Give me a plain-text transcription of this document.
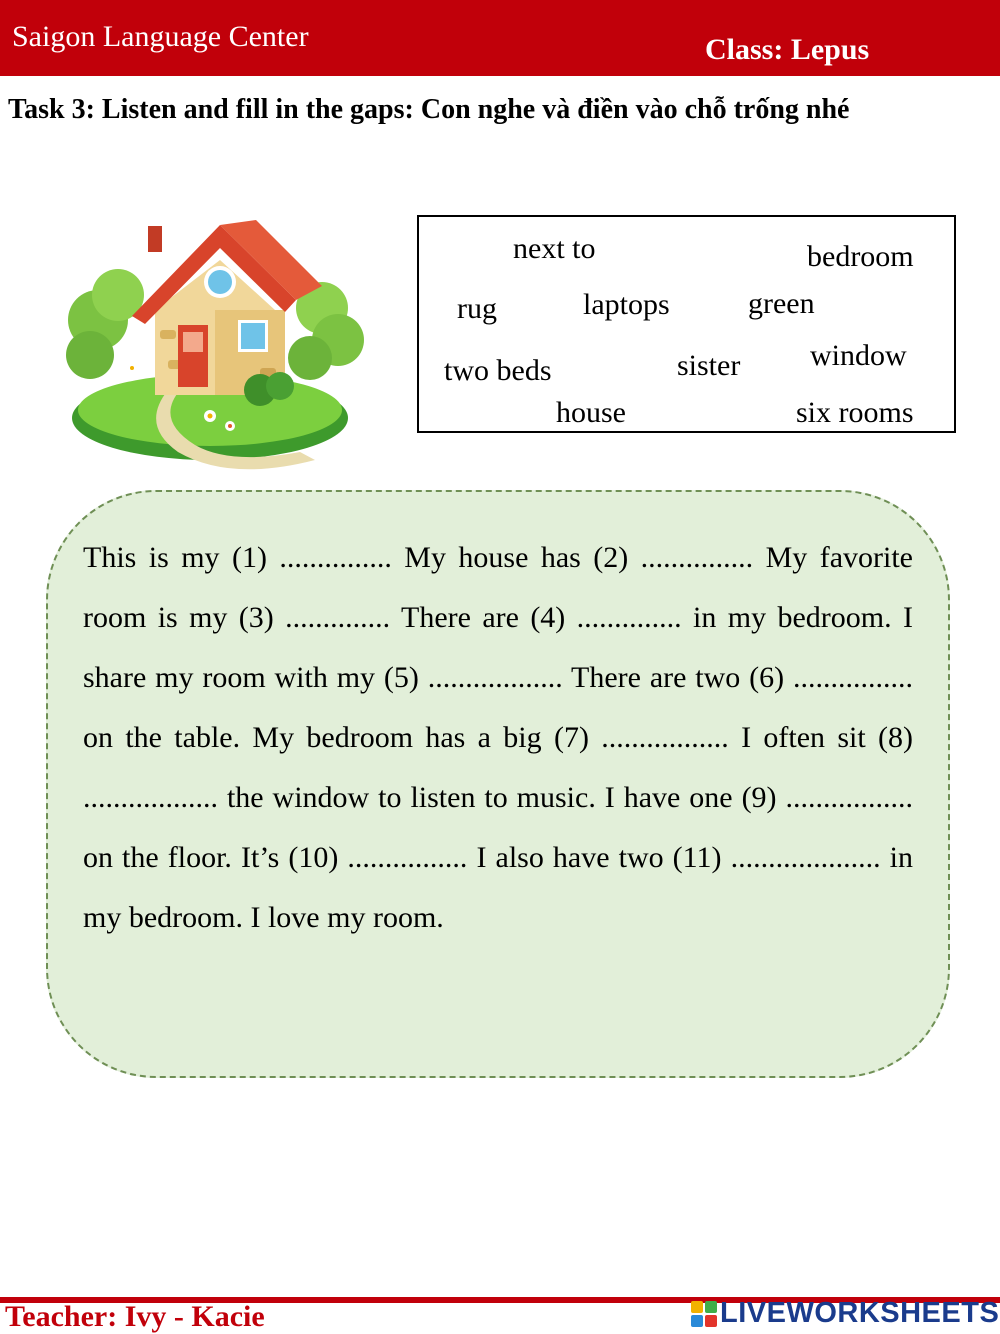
Saigon Language Center	Class: Lepus
Task 3: Listen and fill in the gaps: Con nghe và điền vào chỗ trống nhé
next to	bedroom
rug	laptops	green
window
two beds	sister
house	six rooms

This is my (1) ............... My house has (2) ............... My favorite room is my (3) .............. There are (4) .............. in my bedroom. I share my room with my (5) .................. There are two (6) ................ on the table. My bedroom has a big (7) ................. I often sit (8) .................. the window to listen to music. I have one (9) ................. on the floor. It’s (10) ................ I also have two (11) .................... in my bedroom. I love my room.

Teacher: Ivy - Kacie	LIVEWORKSHEETS
